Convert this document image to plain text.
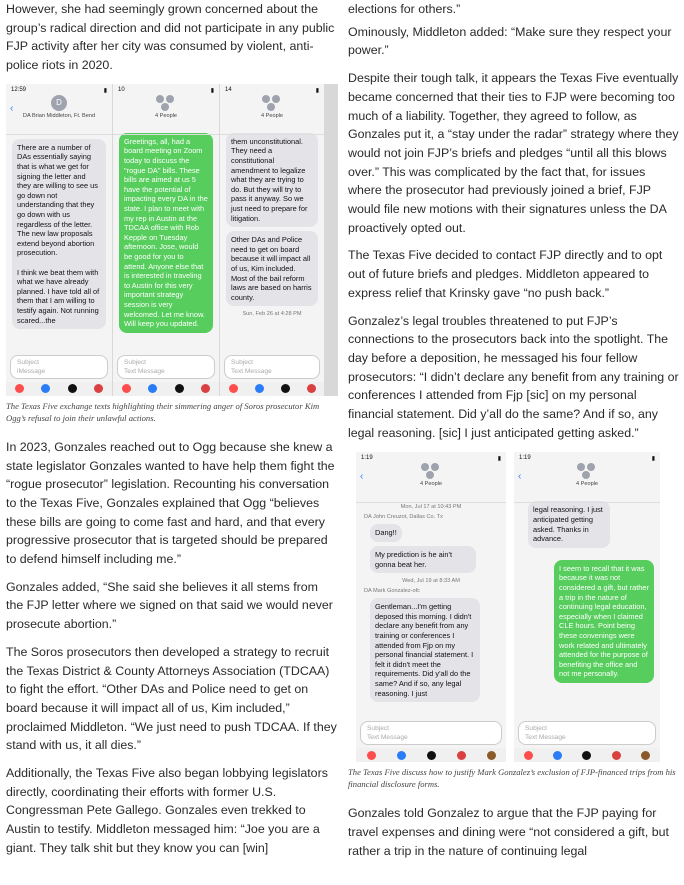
However, she had seemingly grown concerned about the group’s radical direction and did not participate in any public FJP activity after her city was consumed by violent, anti-police riots in 2020.

12:59	▮
‹
D
DA Brian Middleton, Ft. Bend
There are a number of DAs essentially saying that is what we get for signing the letter and they are willing to see us go down not understanding that they go down with us regardless of the letter. The new law proposals extend beyond abortion prosecution.

I think we beat them with what we have already planned. I have told all of them that I am willing to testify again. Not running scared...the
Subject
iMessage
10	▮
4 People
Greetings, all, had a board meeting on Zoom today to discuss the "rogue DA" bills. These bills are aimed at us 5 have the potential of impacting every DA in the state. I plan to meet with my rep in Austin at the TDCAA office with Rob Kepple on Tuesday afternoon. Jose, would be good for you to attend. Anyone else that is interested in traveling to Austin for this very important strategy session is very welcomed. Let me know. Will keep you updated.
Subject
Text Message
14	▮
4 People
them unconstitutional. They need a constitutional amendment to legalize what they are trying to do. But they will try to pass it anyway. So we just need to prepare for litigation.
Other DAs and Police need to get on board because it will impact all of us, Kim included. Most of the bail reform laws are based on harris county.
Sun, Feb 26 at 4:28 PM
Subject
Text Message
The Texas Five exchange texts highlighting their simmering anger of Soros prosecutor Kim Ogg’s refusal to join their unlawful actions.

In 2023, Gonzales reached out to Ogg because she knew a state legislator Gonzales wanted to have help them fight the “rogue prosecutor” legislation. Recounting his conversation to the Texas Five, Gonzales explained that Ogg “believes these bills are going to come fast and hard, and that every progressive prosecutor that is targeted should be prepared to defend himself including me.”

Gonzales added, “She said she believes it all stems from the FJP letter where we signed on that said we would never prosecute abortion.”

The Soros prosecutors then developed a strategy to recruit the Texas District & County Attorneys Association (TDCAA) to fight the effort. “Other DAs and Police need to get on board because it will impact all of us, Kim included,” proclaimed Middleton. “We just need to push TDCAA. If they stand with us, it all dies.”

Additionally, the Texas Five also began lobbying legislators directly, coordinating their efforts with former U.S. Congressman Pete Gallego. Gonzales even trekked to Austin to testify. Middleton messaged him: “Joe you are a giant. They talk shit but they know you can [win]

elections for others.”

Ominously, Middleton added: “Make sure they respect your power.”

Despite their tough talk, it appears the Texas Five eventually became concerned that their ties to FJP were becoming too much of a liability. Together, they agreed to follow, as Gonzales put it, a “stay under the radar” strategy where they would not join FJP’s briefs and pledges “until all this blows over.” This was complicated by the fact that, for issues where the prosecutor had previously joined a brief, FJP would file new motions with their signatures unless the DA proactively opted out.

The Texas Five decided to contact FJP directly and to opt out of future briefs and pledges. Middleton appeared to express relief that Krinsky gave “no push back.”

Gonzalez’s legal troubles threatened to put FJP’s connections to the prosecutors back into the spotlight. The day before a deposition, he messaged his four fellow prosecutors: “I didn’t declare any benefit from any training or conferences I attended from Fjp [sic] on my personal financial statement. Did y’all do the same? And if so, any legal reasoning. [sic] I just anticipated getting asked.”

1:19	▮
‹
4 People
Mon, Jul 17 at 10:43 PM
DA John Creuzot, Dallas Co. Tx
Dang!!
My prediction is he ain't gonna beat her.
Wed, Jul 19 at 8:33 AM
DA Mark Gonzalez-ofc
Gentleman...I'm getting deposed this morning. I didn't declare any benefit from any training or conferences I attended from Fjp on my personal financial statement. I felt it didn't meet the requirements. Did y'all do the same? And if so, any legal reasoning. I just
Subject
Text Message
1:19	▮
‹
4 People
legal reasoning. I just anticipated getting asked. Thanks in advance.
I seem to recall that it was because it was not considered a gift, but rather a trip in the nature of continuing legal education, especially when I claimed CLE hours. Point being these convenings were work related and ultimately attended for the purpose of benefiting the office and not me personally.
Subject
Text Message
The Texas Five discuss how to justify Mark Gonzalez’s exclusion of FJP-financed trips from his financial disclosure forms.

Gonzales told Gonzalez to argue that the FJP paying for travel expenses and dining were “not considered a gift, but rather a trip in the nature of continuing legal
